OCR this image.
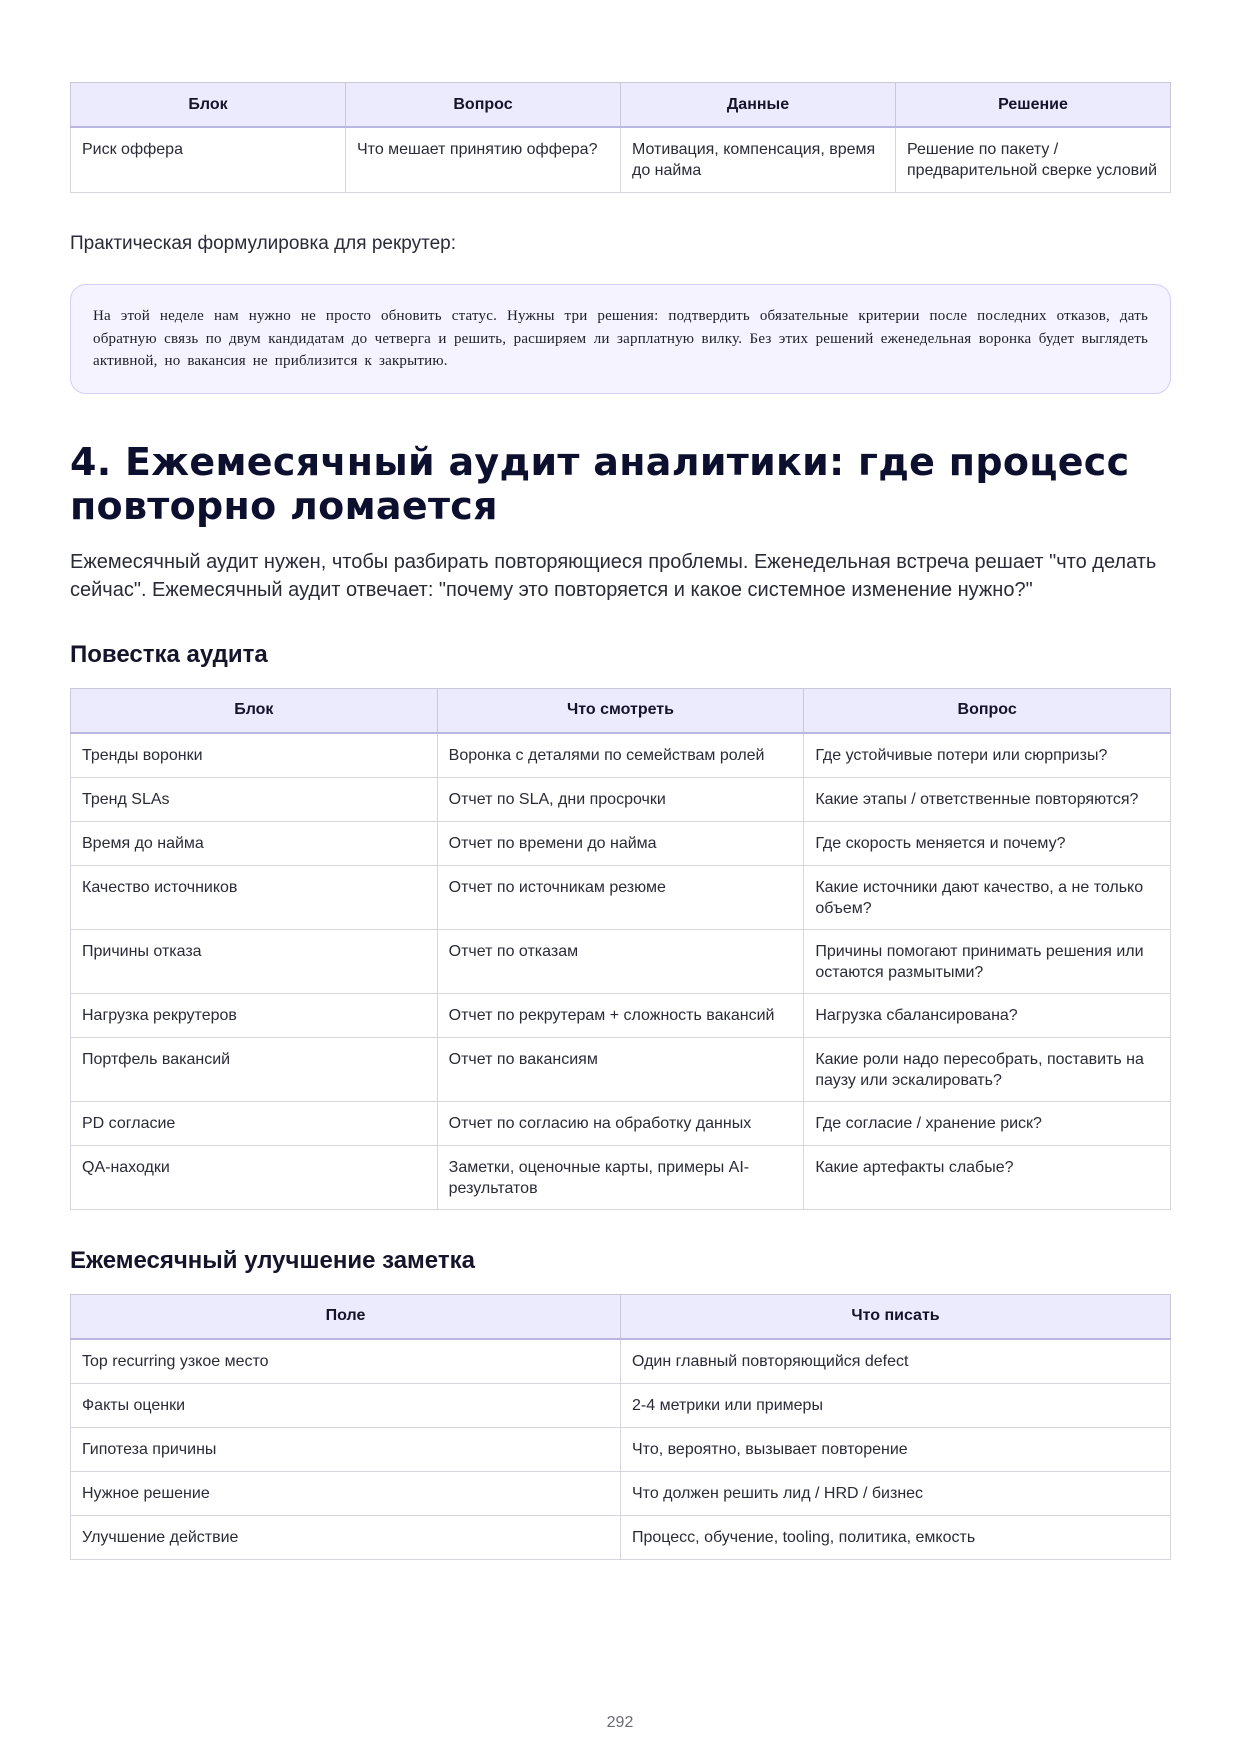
Блок	Вопрос	Данные	Решение
Риск оффера	Что мешает принятию оффера?	Мотивация, компенсация, время до найма	Решение по пакету / предварительной сверке условий

Практическая формулировка для рекрутер:

На этой неделе нам нужно не просто обновить статус. Нужны три решения: подтвердить обязательные критерии после последних отказов, дать обратную связь по двум кандидатам до четверга и решить, расширяем ли зарплатную вилку. Без этих решений еженедельная воронка будет выглядеть активной, но вакансия не приблизится к закрытию.
4. Ежемесячный аудит аналитики: где процесс повторно ломается

Ежемесячный аудит нужен, чтобы разбирать повторяющиеся проблемы. Еженедельная встреча решает "что делать сейчас". Ежемесячный аудит отвечает: "почему это повторяется и какое системное изменение нужно?"

Повестка аудита
Блок	Что смотреть	Вопрос
Тренды воронки	Воронка с деталями по семействам ролей	Где устойчивые потери или сюрпризы?
Тренд SLAs	Отчет по SLA, дни просрочки	Какие этапы / ответственные повторяются?
Время до найма	Отчет по времени до найма	Где скорость меняется и почему?
Качество источников	Отчет по источникам резюме	Какие источники дают качество, а не только объем?
Причины отказа	Отчет по отказам	Причины помогают принимать решения или остаются размытыми?
Нагрузка рекрутеров	Отчет по рекрутерам + сложность вакансий	Нагрузка сбалансирована?
Портфель вакансий	Отчет по вакансиям	Какие роли надо пересобрать, поставить на паузу или эскалировать?
PD согласие	Отчет по согласию на обработку данных	Где согласие / хранение риск?
QA-находки	Заметки, оценочные карты, примеры AI-результатов	Какие артефакты слабые?
Ежемесячный улучшение заметка
Поле	Что писать
Top recurring узкое место	Один главный повторяющийся defect
Факты оценки	2-4 метрики или примеры
Гипотеза причины	Что, вероятно, вызывает повторение
Нужное решение	Что должен решить лид / HRD / бизнес
Улучшение действие	Процесс, обучение, tooling, политика, емкость
292
